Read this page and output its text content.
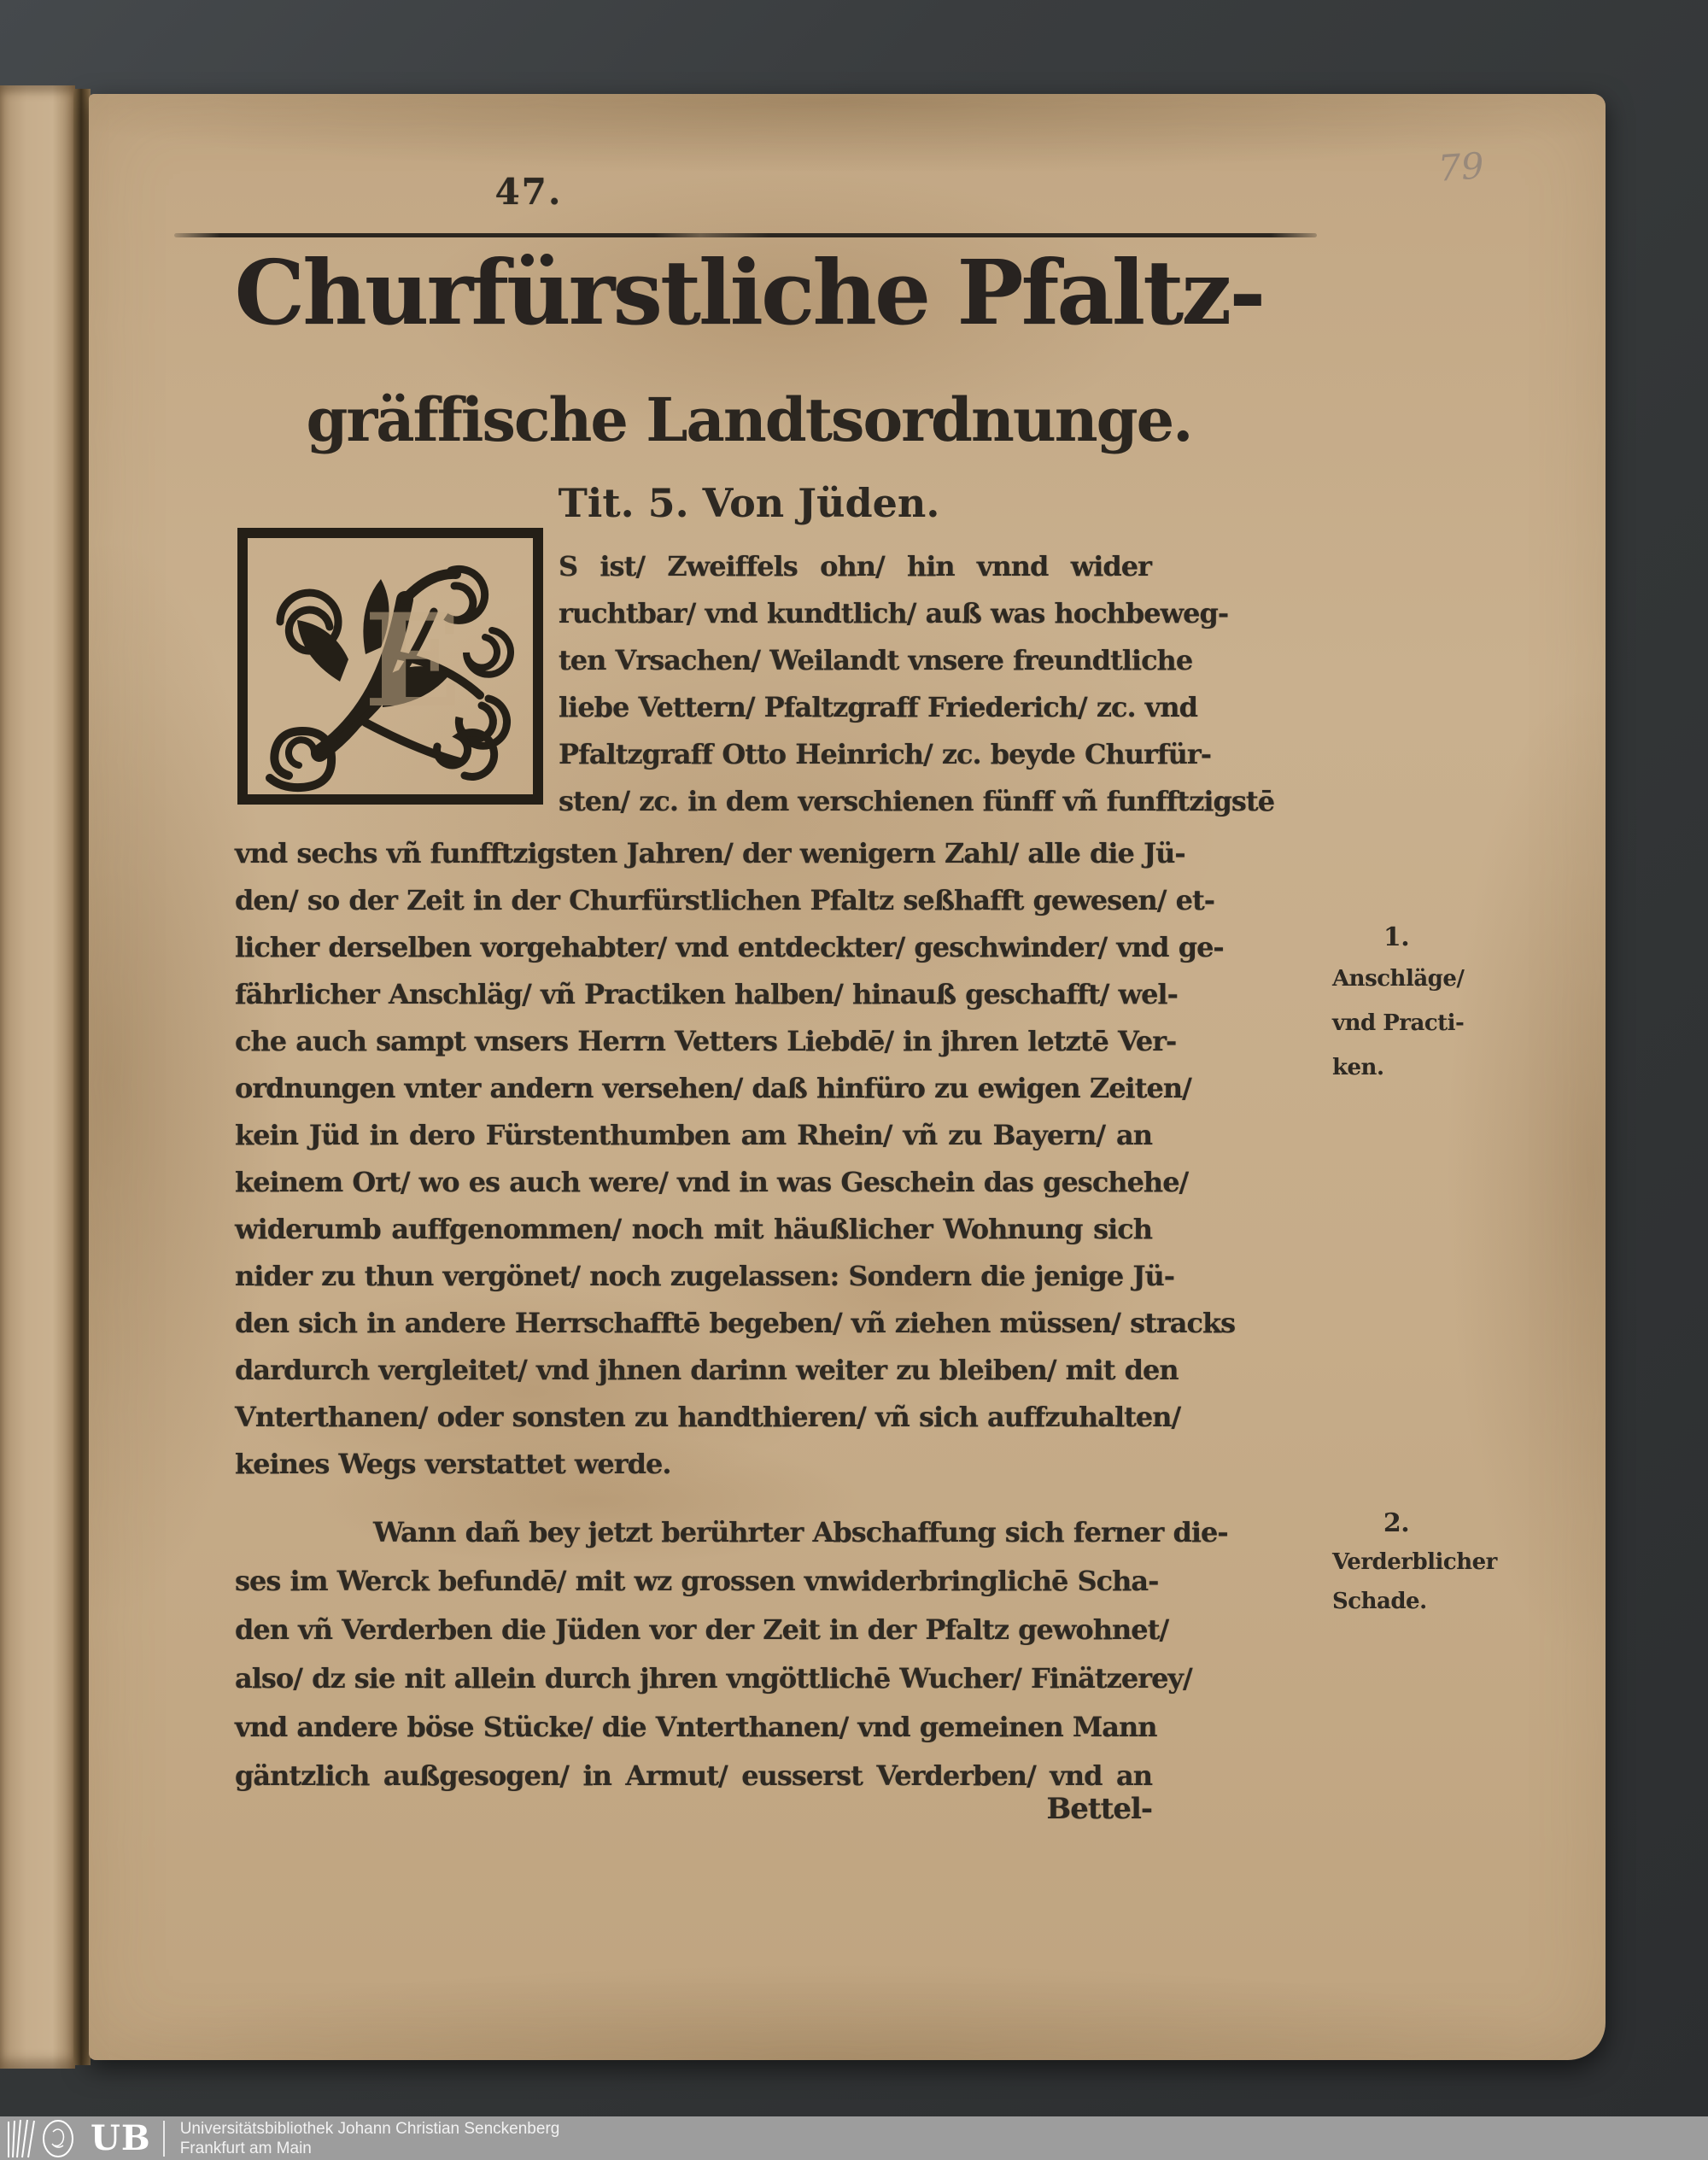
79
47.
Churfürstliche Pfaltz-
gräffische Landtsordnunge.
Tit. 5. Von Jüden.
E
S ist/ Zweiffels ohn/ hin vnnd wider
ruchtbar/ vnd kundtlich/ auß was hochbeweg-
ten Vrsachen/ Weilandt vnsere freundtliche
liebe Vettern/ Pfaltzgraff Friederich/ zc. vnd
Pfaltzgraff Otto Heinrich/ zc. beyde Churfür-
sten/ zc. in dem verschienen fünff vñ funfftzigstē
vnd sechs vñ funfftzigsten Jahren/ der wenigern Zahl/ alle die Jü-
den/ so der Zeit in der Churfürstlichen Pfaltz seßhafft gewesen/ et-
licher derselben vorgehabter/ vnd entdeckter/ geschwinder/ vnd ge-
fährlicher Anschläg/ vñ Practiken halben/ hinauß geschafft/ wel-
che auch sampt vnsers Herrn Vetters Liebdē/ in jhren letztē Ver-
ordnungen vnter andern versehen/ daß hinfüro zu ewigen Zeiten/
kein Jüd in dero Fürstenthumben am Rhein/ vñ zu Bayern/ an
keinem Ort/ wo es auch were/ vnd in was Geschein das geschehe/
widerumb auffgenommen/ noch mit häußlicher Wohnung sich
nider zu thun vergönet/ noch zugelassen: Sondern die jenige Jü-
den sich in andere Herrschafftē begeben/ vñ ziehen müssen/ stracks
dardurch vergleitet/ vnd jhnen darinn weiter zu bleiben/ mit den
Vnterthanen/ oder sonsten zu handthieren/ vñ sich auffzuhalten/
keines Wegs verstattet werde.
Wann dañ bey jetzt berührter Abschaffung sich ferner die-
ses im Werck befundē/ mit wz grossen vnwiderbringlichē Scha-
den vñ Verderben die Jüden vor der Zeit in der Pfaltz gewohnet/
also/ dz sie nit allein durch jhren vngöttlichē Wucher/ Finätzerey/
vnd andere böse Stücke/ die Vnterthanen/ vnd gemeinen Mann
gäntzlich außgesogen/ in Armut/ eusserst Verderben/ vnd an
Bettel-
1.
Anschläge/
vnd Practi-
ken.
2.
Verderblicher
Schade.
UB Universitätsbibliothek Johann Christian Senckenberg
Frankfurt am Main
